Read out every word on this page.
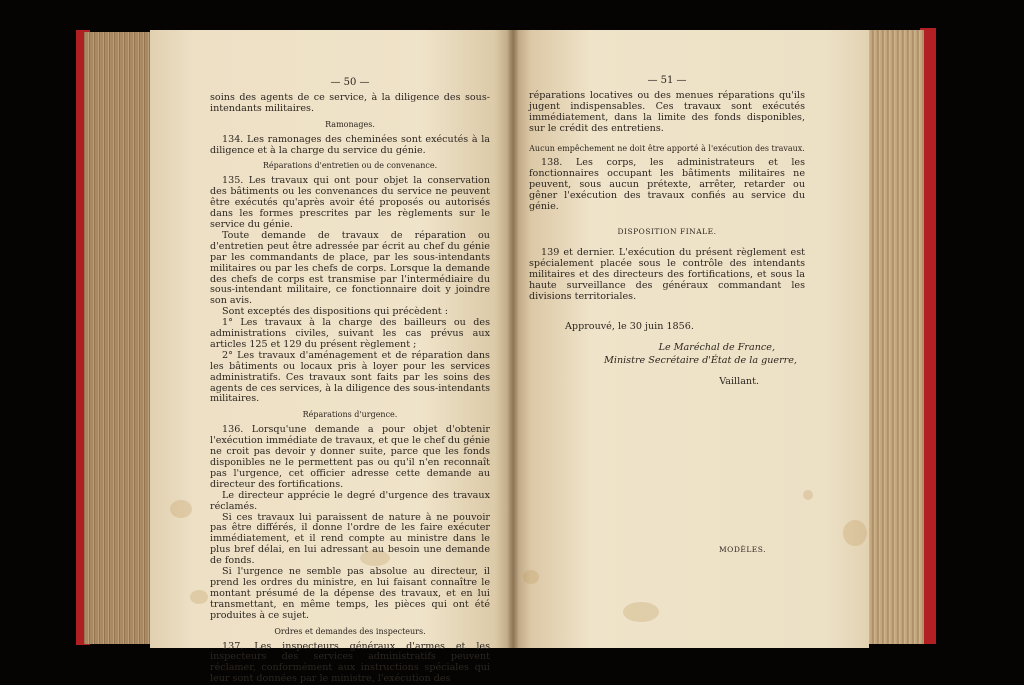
— 50 —

soins des agents de ce service, à la diligence des sous-intendants militaires.

Ramonages.

134. Les ramonages des cheminées sont exécutés à la diligence et à la charge du service du génie.

Réparations d'entretien ou de convenance.

135. Les travaux qui ont pour objet la conservation des bâtiments ou les convenances du service ne peuvent être exécutés qu'après avoir été proposés ou autorisés dans les formes prescrites par les règlements sur le service du génie.

Toute demande de travaux de réparation ou d'entretien peut être adressée par écrit au chef du génie par les commandants de place, par les sous-intendants militaires ou par les chefs de corps. Lorsque la demande des chefs de corps est transmise par l'intermédiaire du sous-intendant militaire, ce fonctionnaire doit y joindre son avis.

Sont exceptés des dispositions qui précèdent :

1° Les travaux à la charge des bailleurs ou des administrations civiles, suivant les cas prévus aux articles 125 et 129 du présent règlement ;

2° Les travaux d'aménagement et de réparation dans les bâtiments ou locaux pris à loyer pour les services administratifs. Ces travaux sont faits par les soins des agents de ces services, à la diligence des sous-intendants militaires.

Réparations d'urgence.

136. Lorsqu'une demande a pour objet d'obtenir l'exécution immédiate de travaux, et que le chef du génie ne croit pas devoir y donner suite, parce que les fonds disponibles ne le permettent pas ou qu'il n'en reconnaît pas l'urgence, cet officier adresse cette demande au directeur des fortifications.

Le directeur apprécie le degré d'urgence des travaux réclamés.

Si ces travaux lui paraissent de nature à ne pouvoir pas être différés, il donne l'ordre de les faire exécuter immédiatement, et il rend compte au ministre dans le plus bref délai, en lui adressant au besoin une demande de fonds.

Si l'urgence ne semble pas absolue au directeur, il prend les ordres du ministre, en lui faisant connaître le montant présumé de la dépense des travaux, et en lui transmettant, en même temps, les pièces qui ont été produites à ce sujet.

Ordres et demandes des inspecteurs.

137. Les inspecteurs généraux d'armes et les inspecteurs des services administratifs peuvent réclamer, conformément aux instructions spéciales qui leur sont données par le ministre, l'exécution des

— 51 —

réparations locatives ou des menues réparations qu'ils jugent indispensables. Ces travaux sont exécutés immédiatement, dans la limite des fonds disponibles, sur le crédit des entretiens.

Aucun empêchement ne doit être apporté à l'exécution des travaux.

138. Les corps, les administrateurs et les fonctionnaires occupant les bâtiments militaires ne peuvent, sous aucun prétexte, arrêter, retarder ou gêner l'exécution des travaux confiés au service du génie.

DISPOSITION FINALE.

139 et dernier. L'exécution du présent règlement est spécialement placée sous le contrôle des intendants militaires et des directeurs des fortifications, et sous la haute surveillance des généraux commandant les divisions territoriales.

Approuvé, le 30 juin 1856.
Le Maréchal de France,
Ministre Secrétaire d'État de la guerre,
Vaillant.
MODÈLES.
